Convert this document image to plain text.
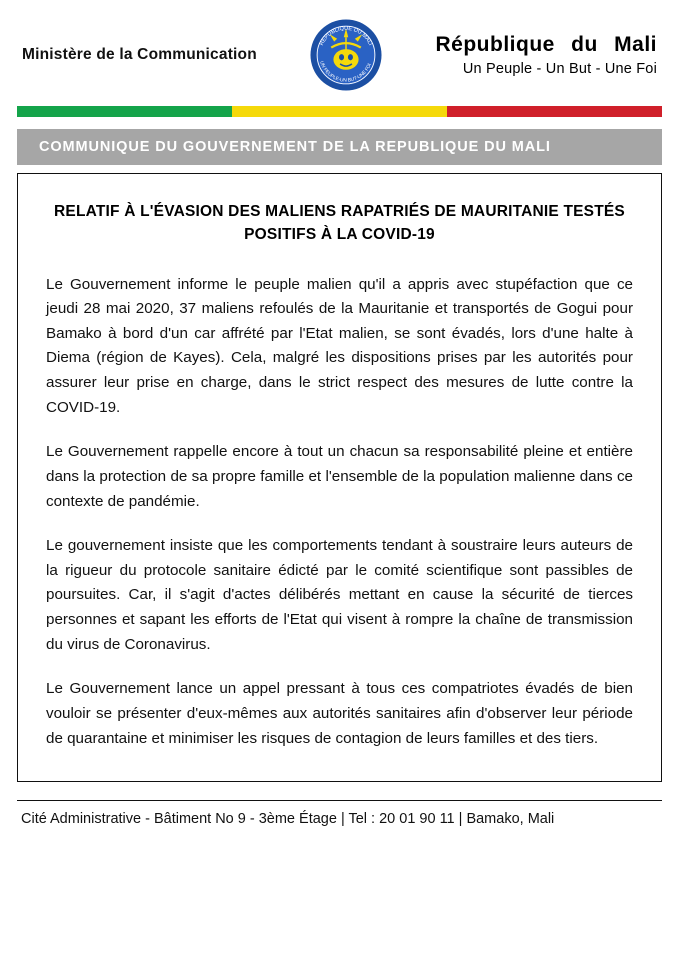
Ministère de la Communication
REPUBLIQUE DU MALI
UN PEUPLE-UN BUT-UNE FOI
République du Mali
Un Peuple - Un But - Une Foi
COMMUNIQUE DU GOUVERNEMENT DE LA REPUBLIQUE DU MALI
RELATIF À L'ÉVASION DES MALIENS RAPATRIÉS DE MAURITANIE TESTÉS POSITIFS À LA COVID-19

Le Gouvernement informe le peuple malien qu'il a appris avec stupéfaction que ce jeudi 28 mai 2020, 37 maliens refoulés de la Mauritanie et transportés de Gogui pour Bamako à bord d'un car affrété par l'Etat malien, se sont évadés, lors d'une halte à Diema (région de Kayes). Cela, malgré les dispositions prises par les autorités pour assurer leur prise en charge, dans le strict respect des mesures de lutte contre la COVID-19.

Le Gouvernement rappelle encore à tout un chacun sa responsabilité pleine et entière dans la protection de sa propre famille et l'ensemble de la population malienne dans ce contexte de pandémie.

Le gouvernement insiste que les comportements tendant à soustraire leurs auteurs de la rigueur du protocole sanitaire édicté par le comité scientifique sont passibles de poursuites. Car, il s'agit d'actes délibérés mettant en cause la sécurité de tierces personnes et sapant les efforts de l'Etat qui visent à rompre la chaîne de transmission du virus de Coronavirus.

Le Gouvernement lance un appel pressant à tous ces compatriotes évadés de bien vouloir se présenter d'eux-mêmes aux autorités sanitaires afin d'observer leur période de quarantaine et minimiser les risques de contagion de leurs familles et des tiers.

Cité Administrative - Bâtiment No 9 - 3ème Étage | Tel : 20 01 90 11 | Bamako, Mali
